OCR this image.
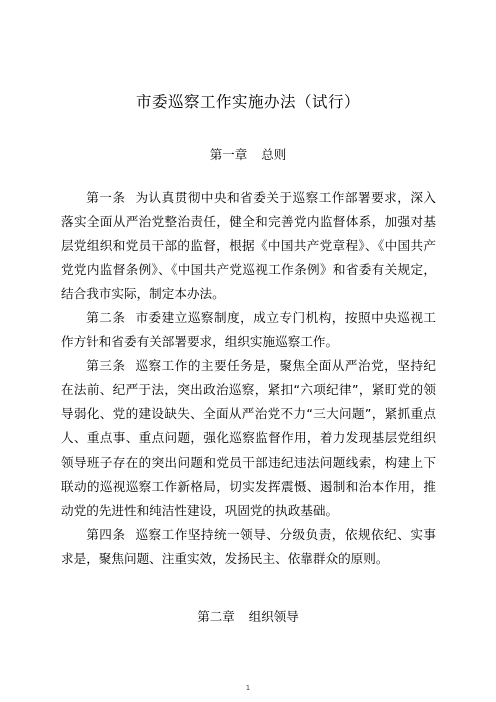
市委巡察工作实施办法（试行）
第一章 总则

第一条 为认真贯彻中央和省委关于巡察工作部署要求，深入落实全面从严治党整治责任，健全和完善党内监督体系，加强对基层党组织和党员干部的监督，根据《中国共产党章程》、《中国共产党党内监督条例》、《中国共产党巡视工作条例》和省委有关规定，结合我市实际，制定本办法。

第二条 市委建立巡察制度，成立专门机构，按照中央巡视工作方针和省委有关部署要求，组织实施巡察工作。

第三条 巡察工作的主要任务是，聚焦全面从严治党，坚持纪在法前、纪严于法，突出政治巡察，紧扣“六项纪律”，紧盯党的领导弱化、党的建设缺失、全面从严治党不力“三大问题”，紧抓重点人、重点事、重点问题，强化巡察监督作用，着力发现基层党组织领导班子存在的突出问题和党员干部违纪违法问题线索，构建上下联动的巡视巡察工作新格局，切实发挥震慑、遏制和治本作用，推动党的先进性和纯洁性建设，巩固党的执政基础。

第四条 巡察工作坚持统一领导、分级负责，依规依纪、实事求是，聚焦问题、注重实效，发扬民主、依靠群众的原则。

第二章 组织领导
1
